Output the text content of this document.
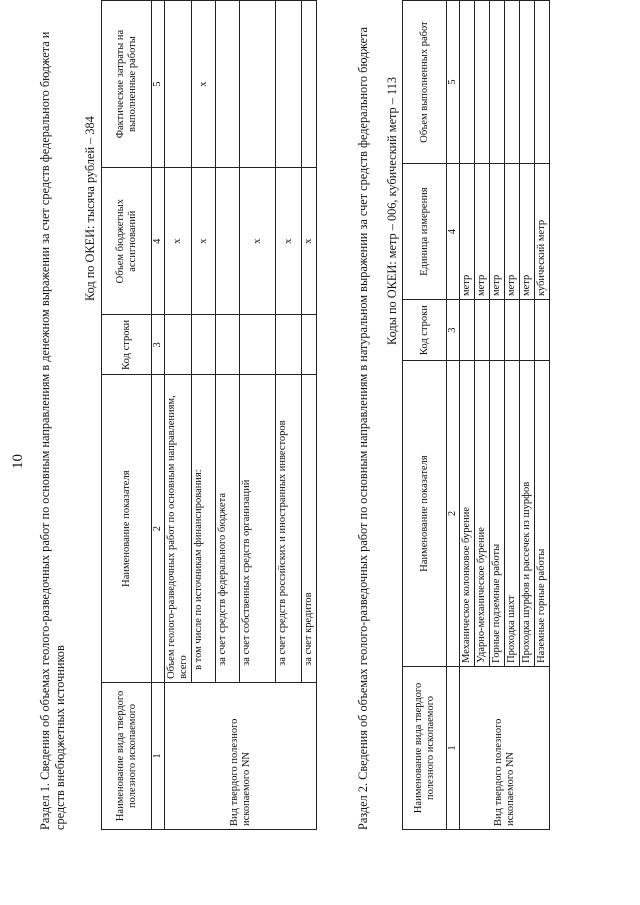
10 Раздел 1. Сведения об объемах геолого-разведочных работ по основным направлениям в денежном выражении за счет средств федерального бюджета и средств внебюджетных источников
Код по ОКЕИ: тысяча рублей – 384
Наименование вида твердого полезного ископаемого	Наименование показателя	Код строки	Объем бюджетных ассигнований	Фактические затраты на выполненные работы
1	2	3	4	5
Вид твердого полезного ископаемого NN	Объем геолого-разведочных работ по основным направлениям, всего		х	
	в том числе по источникам финансирования:		х	х
	за счет средств федерального бюджета			
	за счет собственных средств организаций		х	
	за счет средств российских и иностранных инвесторов		х	
	за счет кредитов		х		Раздел 2. Сведения об объемах геолого-разведочных работ по основным направлениям в натуральном выражении за счет средств федерального бюджета Коды по ОКЕИ: метр – 006, кубический метр – 113
Наименование вида твердого полезного ископаемого	Наименование показателя	Код строки	Единица измерения	Объем выполненных работ
1	2	3	4	5
Вид твердого полезного ископаемого NN	Механическое колонковое бурение		метр	
	Ударно-механическое бурение		метр	
	Горные подземные работы		метр	
	Проходка шахт		метр	
	Проходка шурфов и рассечек из шурфов		метр	
	Наземные горные работы		кубический метр	
